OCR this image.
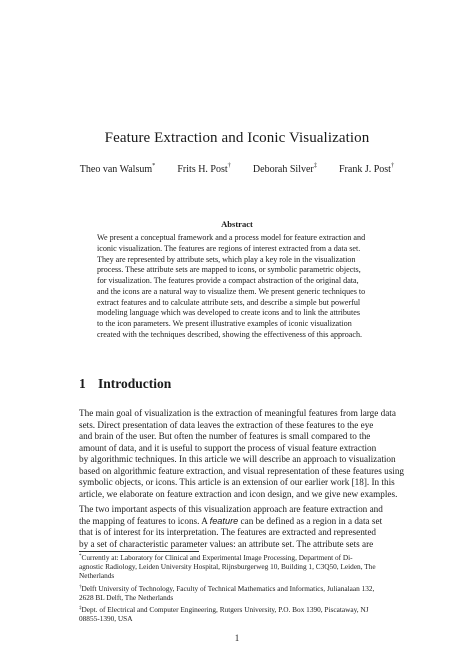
Feature Extraction and Iconic Visualization
Theo van Walsum* Frits H. Post† Deborah Silver‡ Frank J. Post†
Abstract
We present a conceptual framework and a process model for feature extraction and
iconic visualization. The features are regions of interest extracted from a data set.
They are represented by attribute sets, which play a key role in the visualization
process. These attribute sets are mapped to icons, or symbolic parametric objects,
for visualization. The features provide a compact abstraction of the original data,
and the icons are a natural way to visualize them. We present generic techniques to
extract features and to calculate attribute sets, and describe a simple but powerful
modeling language which was developed to create icons and to link the attributes
to the icon parameters. We present illustrative examples of iconic visualization
created with the techniques described, showing the effectiveness of this approach.
1 Introduction
The main goal of visualization is the extraction of meaningful features from large data
sets. Direct presentation of data leaves the extraction of these features to the eye
and brain of the user. But often the number of features is small compared to the
amount of data, and it is useful to support the process of visual feature extraction
by algorithmic techniques. In this article we will describe an approach to visualization
based on algorithmic feature extraction, and visual representation of these features using
symbolic objects, or icons. This article is an extension of our earlier work [18]. In this
article, we elaborate on feature extraction and icon design, and we give new examples.
The two important aspects of this visualization approach are feature extraction and
the mapping of features to icons. A feature can be defined as a region in a data set
that is of interest for its interpretation. The features are extracted and represented
by a set of characteristic parameter values: an attribute set. The attribute sets are
*Currently at: Laboratory for Clinical and Experimental Image Processing, Department of Di-
agnostic Radiology, Leiden University Hospital, Rijnsburgerweg 10, Building 1, C3Q50, Leiden, The
Netherlands
†Delft University of Technology, Faculty of Technical Mathematics and Informatics, Julianalaan 132,
2628 BL Delft, The Netherlands
‡Dept. of Electrical and Computer Engineering, Rutgers University, P.O. Box 1390, Piscataway, NJ
08855-1390, USA
1
